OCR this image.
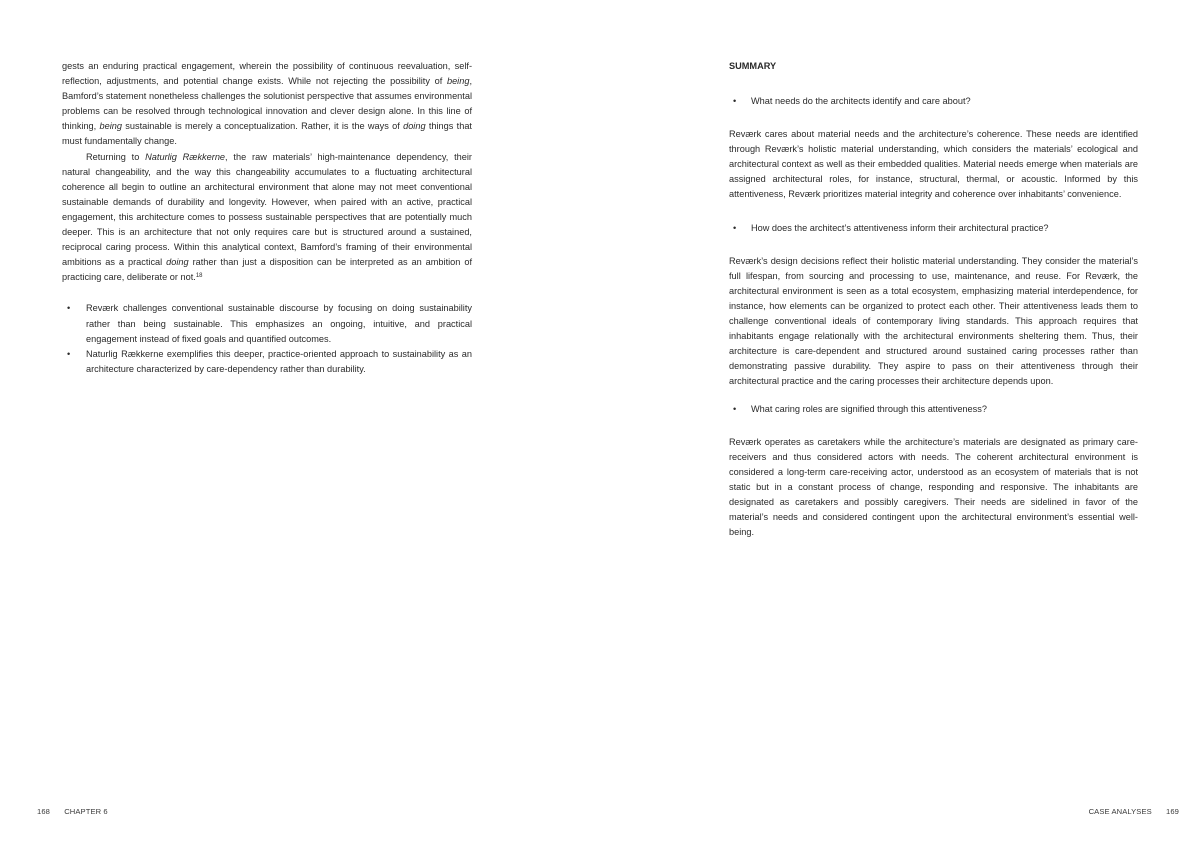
gests an enduring practical engagement, wherein the possibility of continuous reevaluation, self-reflection, adjustments, and potential change exists. While not rejecting the possibility of being, Bamford’s statement nonetheless challenges the solutionist perspective that assumes environmental problems can be resolved through technological innovation and clever design alone. In this line of thinking, being sustainable is merely a conceptualization. Rather, it is the ways of doing things that must fundamentally change.

Returning to Naturlig Rækkerne, the raw materials’ high-maintenance dependency, their natural changeability, and the way this changeability accumulates to a fluctuating architectural coherence all begin to outline an architectural environment that alone may not meet conventional sustainable demands of durability and longevity. However, when paired with an active, practical engagement, this architecture comes to possess sustainable perspectives that are potentially much deeper. This is an architecture that not only requires care but is structured around a sustained, reciprocal caring process. Within this analytical context, Bamford’s framing of their environmental ambitions as a practical doing rather than just a disposition can be interpreted as an ambition of practicing care, deliberate or not.$^{18}$

• Reværk challenges conventional sustainable discourse by focusing on doing sustainability rather than being sustainable. This emphasizes an ongoing, intuitive, and practical engagement instead of fixed goals and quantified outcomes.
• Naturlig Rækkerne exemplifies this deeper, practice-oriented approach to sustainability as an architecture characterized by care-dependency rather than durability.
168 CHAPTER 6

SUMMARY

• What needs do the architects identify and care about?

Reværk cares about material needs and the architecture’s coherence. These needs are identified through Reværk’s holistic material understanding, which considers the materials’ ecological and architectural context as well as their embedded qualities. Material needs emerge when materials are assigned architectural roles, for instance, structural, thermal, or acoustic. Informed by this attentiveness, Reværk prioritizes material integrity and coherence over inhabitants’ convenience.

• How does the architect’s attentiveness inform their architectural practice?

Reværk’s design decisions reflect their holistic material understanding. They consider the material’s full lifespan, from sourcing and processing to use, maintenance, and reuse. For Reværk, the architectural environment is seen as a total ecosystem, emphasizing material interdependence, for instance, how elements can be organized to protect each other. Their attentiveness leads them to challenge conventional ideals of contemporary living standards. This approach requires that inhabitants engage relationally with the architectural environments sheltering them. Thus, their architecture is care-dependent and structured around sustained caring processes rather than demonstrating passive durability. They aspire to pass on their attentiveness through their architectural practice and the caring processes their architecture depends upon.

• What caring roles are signified through this attentiveness?

Reværk operates as caretakers while the architecture’s materials are designated as primary care-receivers and thus considered actors with needs. The coherent architectural environment is considered a long-term care-receiving actor, understood as an ecosystem of materials that is not static but in a constant process of change, responding and responsive. The inhabitants are designated as caretakers and possibly caregivers. Their needs are sidelined in favor of the material’s needs and considered contingent upon the architectural environment’s essential well-being.

CASE ANALYSES 169
